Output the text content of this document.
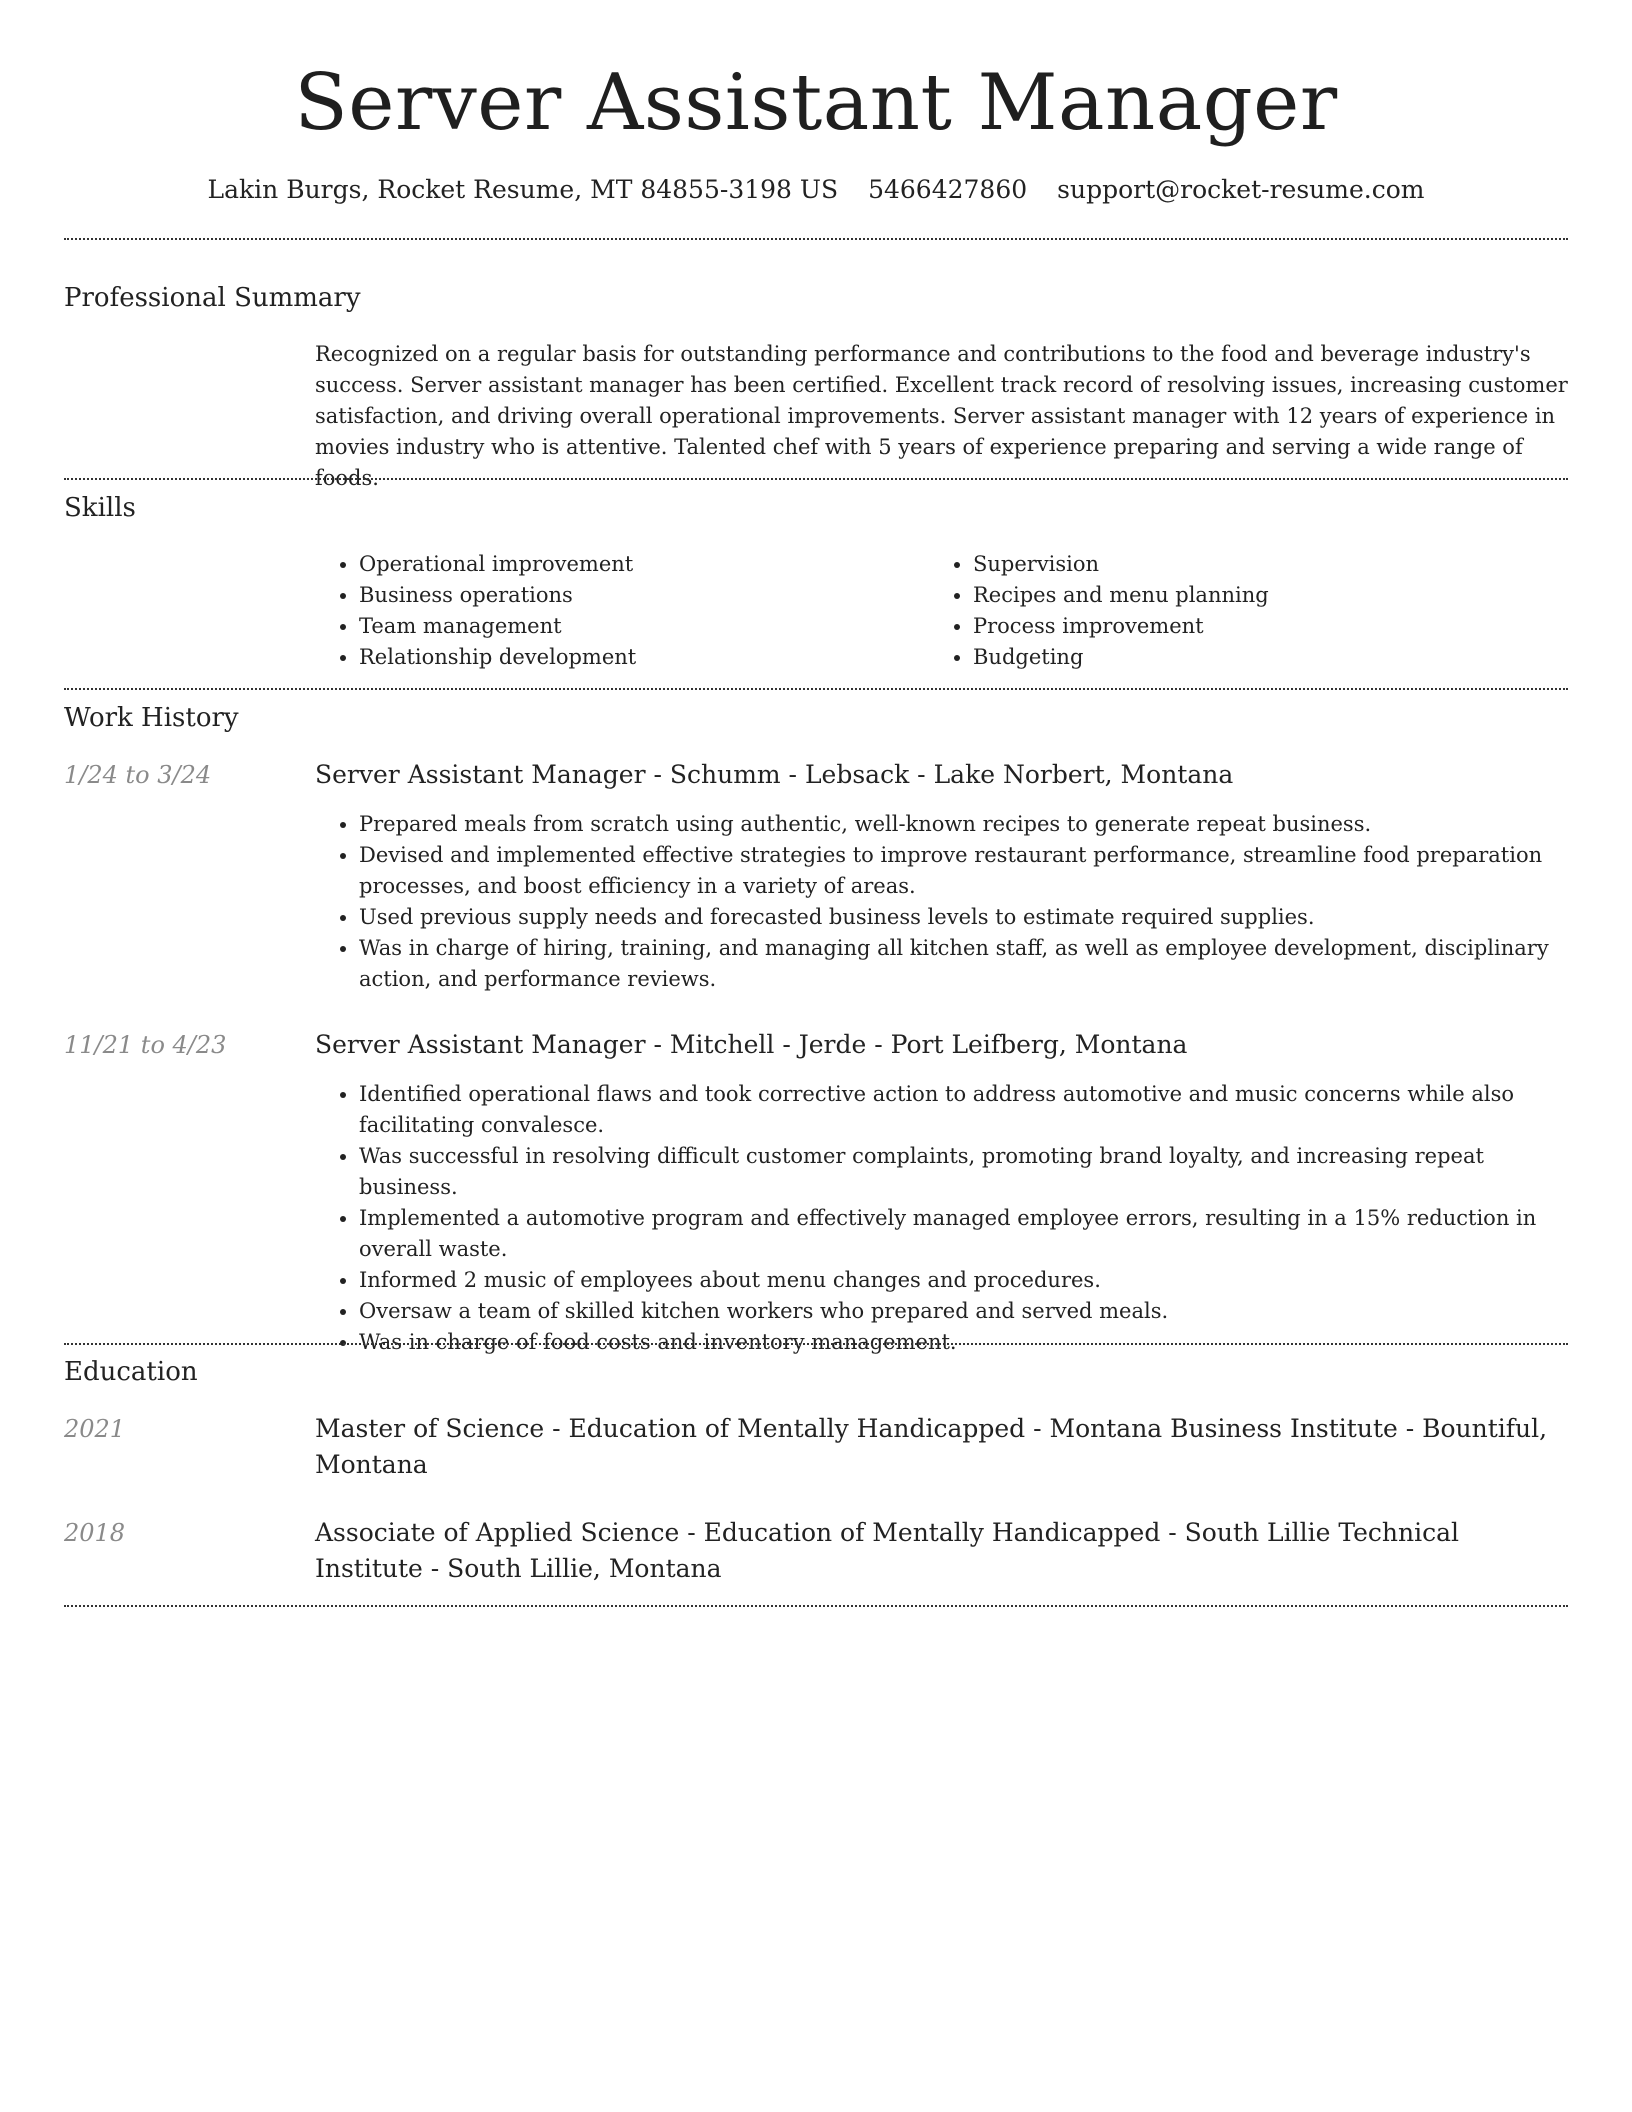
Server Assistant Manager
Lakin Burgs, Rocket Resume, MT 84855-3198 US 5466427860 support@rocket-resume.com
Professional Summary
Recognized on a regular basis for outstanding performance and contributions to the food and beverage industry's success. Server assistant manager has been certified. Excellent track record of resolving issues, increasing customer satisfaction, and driving overall operational improvements. Server assistant manager with 12 years of experience in movies industry who is attentive. Talented chef with 5 years of experience preparing and serving a wide range of foods.
Skills
• Operational improvement
• Business operations
• Team management
• Relationship development
• Supervision
• Recipes and menu planning
• Process improvement
• Budgeting
Work History
1/24 to 3/24	Server Assistant Manager - Schumm - Lebsack - Lake Norbert, Montana
• Prepared meals from scratch using authentic, well-known recipes to generate repeat business.
• Devised and implemented effective strategies to improve restaurant performance, streamline food preparation processes, and boost efficiency in a variety of areas.
• Used previous supply needs and forecasted business levels to estimate required supplies.
• Was in charge of hiring, training, and managing all kitchen staff, as well as employee development, disciplinary action, and performance reviews.
11/21 to 4/23	Server Assistant Manager - Mitchell - Jerde - Port Leifberg, Montana
• Identified operational flaws and took corrective action to address automotive and music concerns while also facilitating convalesce.
• Was successful in resolving difficult customer complaints, promoting brand loyalty, and increasing repeat business.
• Implemented a automotive program and effectively managed employee errors, resulting in a 15% reduction in overall waste.
• Informed 2 music of employees about menu changes and procedures.
• Oversaw a team of skilled kitchen workers who prepared and served meals.
• Was in charge of food costs and inventory management.
Education
2021	Master of Science - Education of Mentally Handicapped - Montana Business Institute - Bountiful, Montana
2018	Associate of Applied Science - Education of Mentally Handicapped - South Lillie Technical Institute - South Lillie, Montana
